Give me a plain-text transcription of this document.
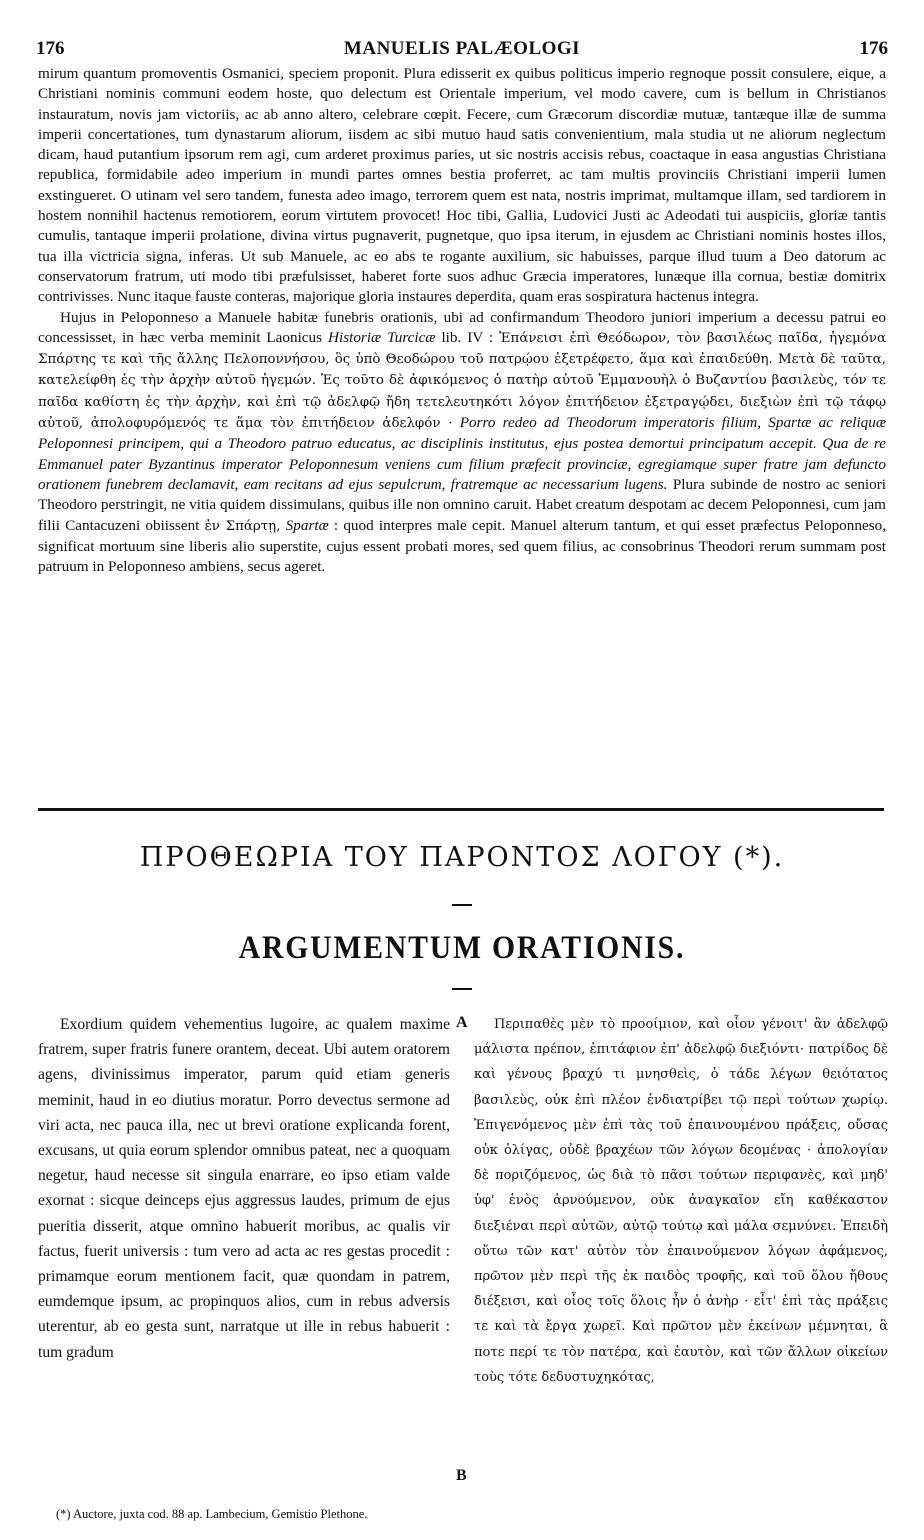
176	MANUELIS PALÆOLOGI	176

mirum quantum promoventis Osmanici, speciem proponit. Plura edisserit ex quibus politicus imperio regnoque possit consulere, eique, a Christiani nominis communi eodem hoste, quo delectum est Orientale imperium, vel modo cavere, cum is bellum in Christianos instauratum, novis jam victoriis, ac ab anno altero, celebrare cœpit. Fecere, cum Græcorum discordiæ mutuæ, tantæque illæ de summa imperii concertationes, tum dynastarum aliorum, iisdem ac sibi mutuo haud satis convenientium, mala studia ut ne aliorum neglectum dicam, haud putantium ipsorum rem agi, cum arderet proximus paries, ut sic nostris accisis rebus, coactaque in easa angustias Christiana republica, formidabile adeo imperium in mundi partes omnes bestia proferret, ac tam multis provinciis Christiani imperii lumen exstingueret. O utinam vel sero tandem, funesta adeo imago, terrorem quem est nata, nostris imprimat, multamque illam, sed tardiorem in hostem nonnihil hactenus remotiorem, eorum virtutem provocet! Hoc tibi, Gallia, Ludovici Justi ac Adeodati tui auspiciis, gloriæ tantis cumulis, tantaque imperii prolatione, divina virtus pugnaverit, pugnetque, quo ipsa iterum, in ejusdem ac Christiani nominis hostes illos, tua illa victricia signa, inferas. Ut sub Manuele, ac eo abs te rogante auxilium, sic habuisses, parque illud tuum a Deo datorum ac conservatorum fratrum, uti modo tibi præfulsisset, haberet forte suos adhuc Græcia imperatores, lunæque illa cornua, bestiæ domitrix contrivisses. Nunc itaque fauste conteras, majorique gloria instaures deperdita, quam eras sospiratura hactenus integra.

Hujus in Peloponneso a Manuele habitæ funebris orationis, ubi ad confirmandum Theodoro juniori imperium a decessu patrui eo concessisset, in hæc verba meminit Laonicus Historiæ Turcicæ lib. IV : Ἐπάνεισι ἐπὶ Θεόδωρον, τὸν βασιλέως παῖδα, ἡγεμόνα Σπάρτης τε καὶ τῆς ἄλλης Πελοποννήσου, ὃς ὑπὸ Θεοδώρου τοῦ πατρῴου ἐξετρέφετο, ἅμα καὶ ἐπαιδεύθη. Μετὰ δὲ ταῦτα, κατελείφθη ἐς τὴν ἀρχὴν αὐτοῦ ἡγεμών. Ἐς τοῦτο δὲ ἀφικόμενος ὁ πατὴρ αὐτοῦ Ἐμμανουὴλ ὁ Βυζαντίου βασιλεὺς, τόν τε παῖδα καθίστη ἐς τὴν ἀρχὴν, καὶ ἐπὶ τῷ ἀδελφῷ ἤδη τετελευτηκότι λόγον ἐπιτήδειον ἐξετραγῴδει, διεξιὼν ἐπὶ τῷ τάφῳ αὐτοῦ, ἀπολοφυρόμενός τε ἅμα τὸν ἐπιτήδειον ἀδελφόν · Porro redeo ad Theodorum imperatoris filium, Spartæ ac reliquæ Peloponnesi principem, qui a Theodoro patruo educatus, ac disciplinis institutus, ejus postea demortui principatum accepit. Qua de re Emmanuel pater Byzantinus imperator Peloponnesum veniens cum filium præfecit provinciæ, egregiamque super fratre jam defuncto orationem funebrem declamavit, eam recitans ad ejus sepulcrum, fratremque ac necessarium lugens. Plura subinde de nostro ac seniori Theodoro perstringit, ne vitia quidem dissimulans, quibus ille non omnino caruit. Habet creatum despotam ac decem Peloponnesi, cum jam filii Cantacuzeni obiissent ἐν Σπάρτῃ, Spartæ : quod interpres male cepit. Manuel alterum tantum, et qui esset præfectus Peloponneso, significat mortuum sine liberis alio superstite, cujus essent probati mores, sed quem filius, ac consobrinus Theodori rerum summam post patruum in Peloponneso ambiens, secus ageret.

ΠΡΟΘΕΩΡΙΑ ΤΟΥ ΠΑΡΟΝΤΟΣ ΛΟΓΟΥ (*).
ARGUMENTUM ORATIONIS.

Exordium quidem vehementius lugoire, ac qualem maxime fratrem, super fratris funere orantem, deceat. Ubi autem oratorem agens, divinissimus imperator, parum quid etiam generis meminit, haud in eo diutius moratur. Porro devectus sermone ad viri acta, nec pauca illa, nec ut brevi oratione explicanda forent, excusans, ut quia eorum splendor omnibus pateat, nec a quoquam negetur, haud necesse sit singula enarrare, eo ipso etiam valde exornat : sicque deinceps ejus aggressus laudes, primum de ejus pueritia disserit, atque omnino habuerit moribus, ac qualis vir factus, fuerit universis : tum vero ad acta ac res gestas procedit : primamque eorum mentionem facit, quæ quondam in patrem, eumdemque ipsum, ac propinquos alios, cum in rebus adversis uterentur, ab eo gesta sunt, narratque ut ille in rebus habuerit : tum gradum

A
B

Περιπαθὲς μὲν τὸ προοίμιον, καὶ οἷον γένοιτ' ἂν ἀδελφῷ μάλιστα πρέπον, ἐπιτάφιον ἐπ' ἀδελφῷ διεξιόντι· πατρίδος δὲ καὶ γένους βραχύ τι μνησθεὶς, ὁ τάδε λέγων θειότατος βασιλεὺς, οὐκ ἐπὶ πλέον ἐνδιατρίβει τῷ περὶ τούτων χωρίῳ. Ἐπιγενόμενος μὲν ἐπὶ τὰς τοῦ ἐπαινουμένου πράξεις, οὔσας οὐκ ὀλίγας, οὐδὲ βραχέων τῶν λόγων δεομένας · ἀπολογίαν δὲ ποριζόμενος, ὡς διὰ τὸ πᾶσι τούτων περιφανὲς, καὶ μηδ' ὑφ' ἑνὸς ἀρνούμενον, οὐκ ἀναγκαῖον εἴη καθέκαστον διεξιέναι περὶ αὐτῶν, αὐτῷ τούτῳ καὶ μάλα σεμνύνει. Ἐπειδὴ οὕτω τῶν κατ' αὐτὸν τὸν ἐπαινούμενον λόγων ἀφάμενος, πρῶτον μὲν περὶ τῆς ἐκ παιδὸς τροφῆς, καὶ τοῦ ὅλου ἤθους διέξεισι, καὶ οἷος τοῖς ὅλοις ἦν ὁ ἀνὴρ · εἶτ' ἐπὶ τὰς πράξεις τε καὶ τὰ ἔργα χωρεῖ. Καὶ πρῶτον μὲν ἐκείνων μέμνηται, ἃ ποτε περί τε τὸν πατέρα, καὶ ἑαυτὸν, καὶ τῶν ἄλλων οἰκείων τοὺς τότε δεδυστυχηκότας,

(*) Auctore, juxta cod. 88 ap. Lambecium, Gemistio Plethone.
